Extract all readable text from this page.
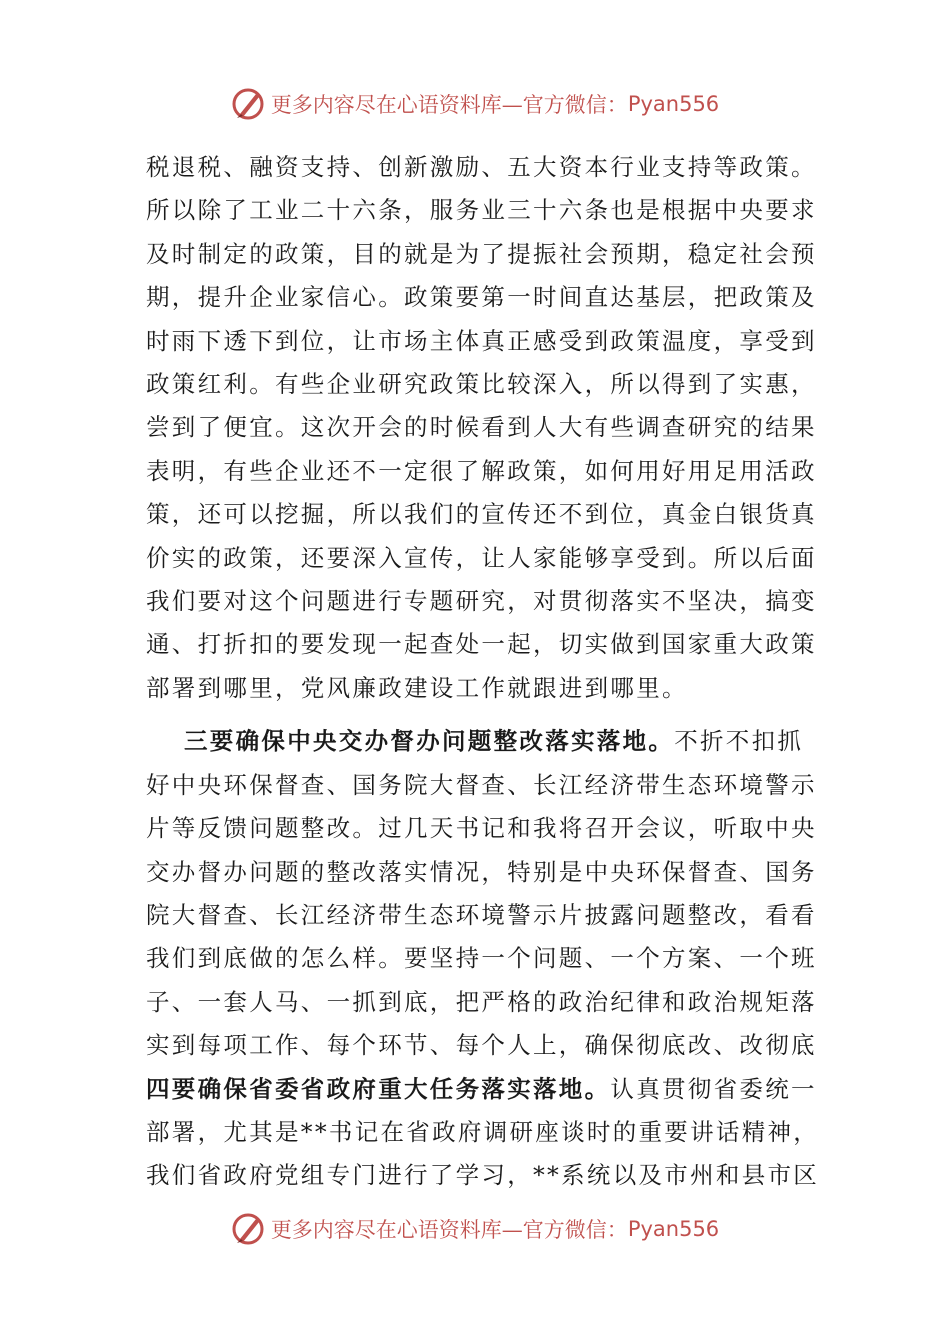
更多内容尽在心语资料库—官方微信： Pyan556

税退税、融资支持、创新激励、五大资本行业支持等政策。
所以除了工业二十六条，服务业三十六条也是根据中央要求
及时制定的政策，目的就是为了提振社会预期，稳定社会预
期，提升企业家信心。政策要第一时间直达基层，把政策及
时雨下透下到位，让市场主体真正感受到政策温度，享受到
政策红利。有些企业研究政策比较深入，所以得到了实惠，
尝到了便宜。这次开会的时候看到人大有些调查研究的结果
表明，有些企业还不一定很了解政策，如何用好用足用活政
策，还可以挖掘，所以我们的宣传还不到位，真金白银货真
价实的政策，还要深入宣传，让人家能够享受到。所以后面
我们要对这个问题进行专题研究，对贯彻落实不坚决，搞变
通、打折扣的要发现一起查处一起，切实做到国家重大政策
部署到哪里，党风廉政建设工作就跟进到哪里。

三要确保中央交办督办问题整改落实落地。不折不扣抓
好中央环保督查、国务院大督查、长江经济带生态环境警示
片等反馈问题整改。过几天书记和我将召开会议，听取中央
交办督办问题的整改落实情况，特别是中央环保督查、国务
院大督查、长江经济带生态环境警示片披露问题整改，看看
我们到底做的怎么样。要坚持一个问题、一个方案、一个班
子、一套人马、一抓到底，把严格的政治纪律和政治规矩落
实到每项工作、每个环节、每个人上，确保彻底改、改彻底

四要确保省委省政府重大任务落实落地。认真贯彻省委统一
部署，尤其是**书记在省政府调研座谈时的重要讲话精神，
我们省政府党组专门进行了学习，**系统以及市州和县市区

更多内容尽在心语资料库—官方微信： Pyan556
